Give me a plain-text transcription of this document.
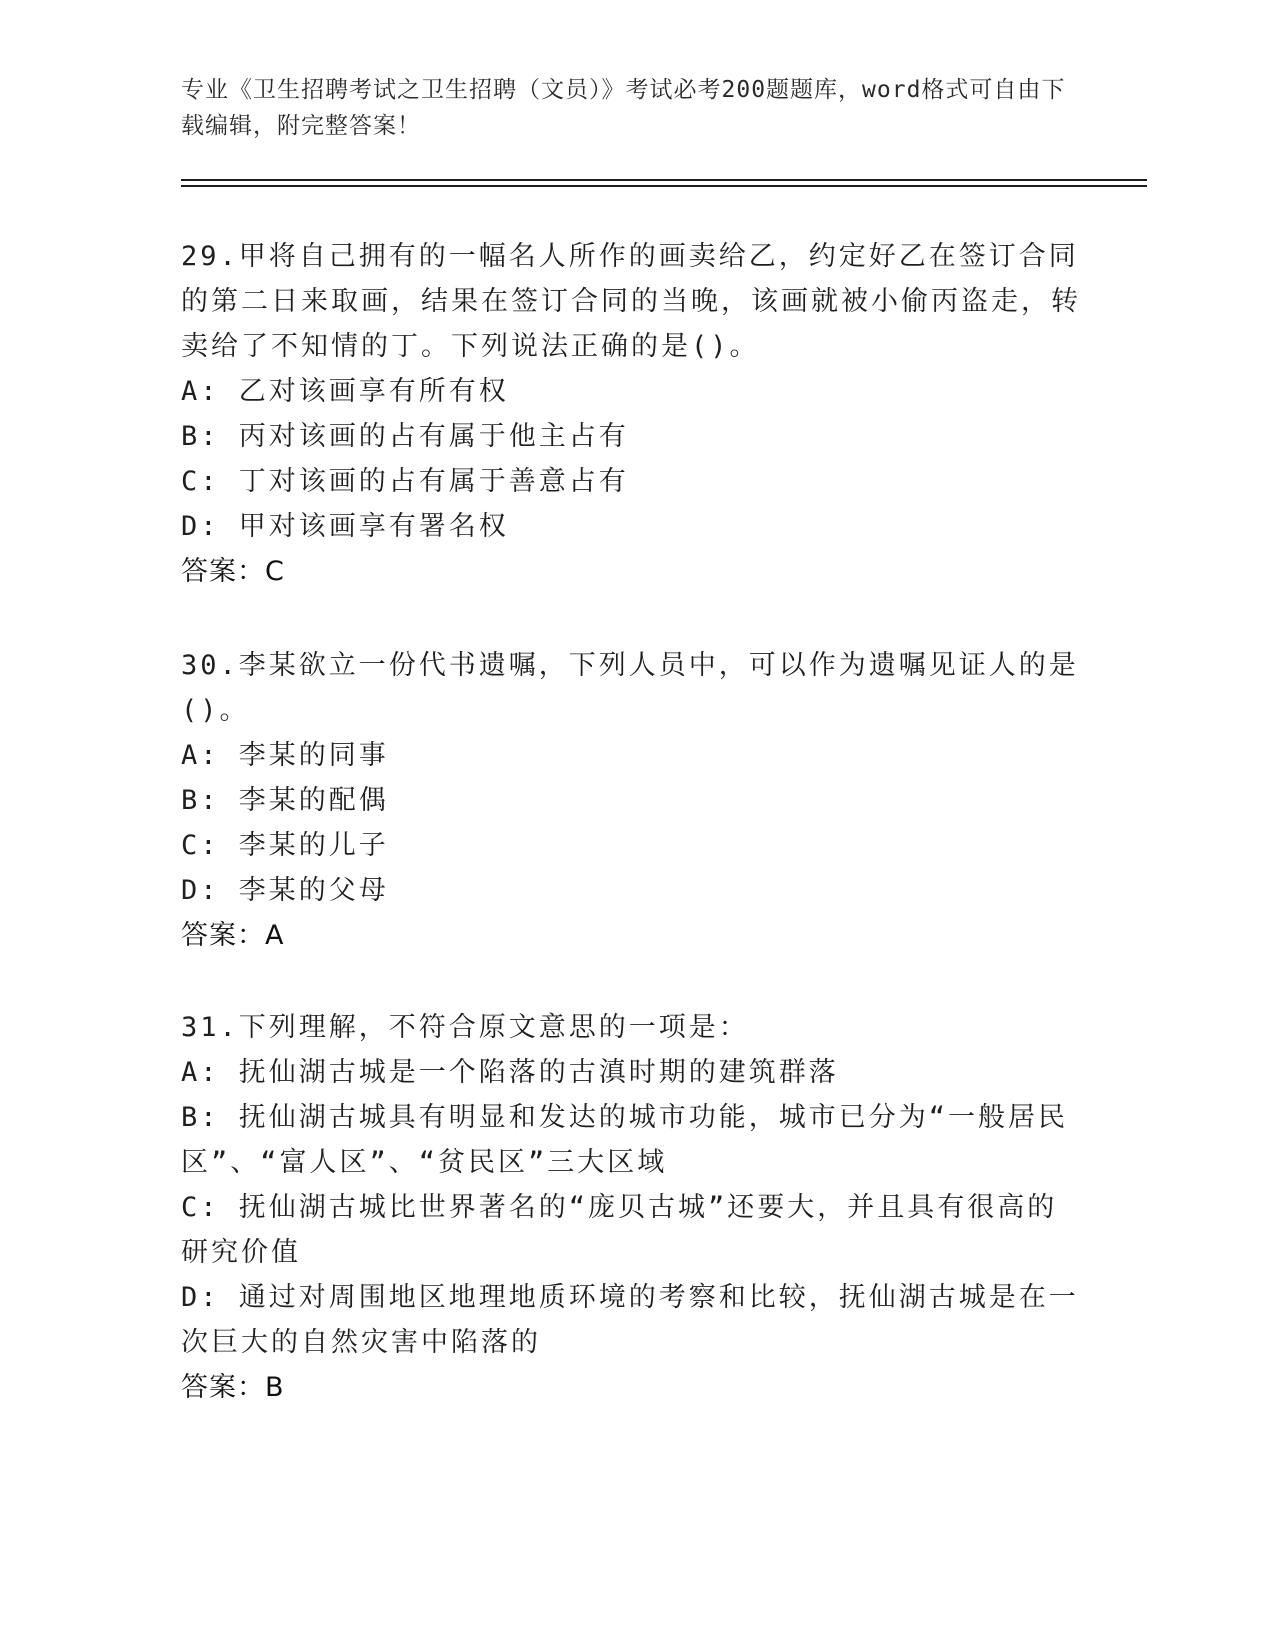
专业《卫生招聘考试之卫生招聘（文员）》考试必考200题题库，word格式可自由下载编辑，附完整答案！
29.甲将自己拥有的一幅名人所作的画卖给乙，约定好乙在签订合同的第二日来取画，结果在签订合同的当晚，该画就被小偷丙盗走，转卖给了不知情的丁。下列说法正确的是()。
A: 乙对该画享有所有权
B: 丙对该画的占有属于他主占有
C: 丁对该画的占有属于善意占有
D: 甲对该画享有署名权
答案：C
30.李某欲立一份代书遗嘱，下列人员中，可以作为遗嘱见证人的是()。
A: 李某的同事
B: 李某的配偶
C: 李某的儿子
D: 李某的父母
答案：A
31.下列理解，不符合原文意思的一项是：
A: 抚仙湖古城是一个陷落的古滇时期的建筑群落
B: 抚仙湖古城具有明显和发达的城市功能，城市已分为“一般居民区”、“富人区”、“贫民区”三大区域
C: 抚仙湖古城比世界著名的“庞贝古城”还要大，并且具有很高的研究价值
D: 通过对周围地区地理地质环境的考察和比较，抚仙湖古城是在一次巨大的自然灾害中陷落的
答案：B
